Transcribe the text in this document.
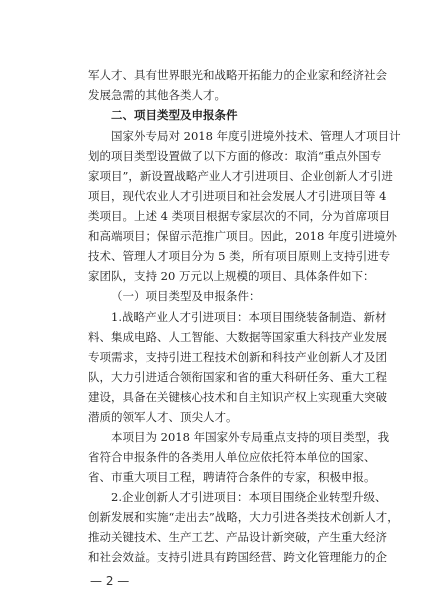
军人才、具有世界眼光和战略开拓能力的企业家和经济社会
发展急需的其他各类人才。
二、项目类型及申报条件
国家外专局对 2018 年度引进境外技术、管理人才项目计
划的项目类型设置做了以下方面的修改：取消“重点外国专
家项目”，新设置战略产业人才引进项目、企业创新人才引进
项目，现代农业人才引进项目和社会发展人才引进项目等 4
类项目。上述 4 类项目根据专家层次的不同，分为首席项目
和高端项目；保留示范推广项目。因此，2018 年度引进境外
技术、管理人才项目分为 5 类，所有项目原则上支持引进专
家团队，支持 20 万元以上规模的项目、具体条件如下：
（一）项目类型及申报条件：
1.战略产业人才引进项目：本项目围绕装备制造、新材
料、集成电路、人工智能、大数据等国家重大科技产业发展
专项需求，支持引进工程技术创新和科技产业创新人才及团
队，大力引进适合领衔国家和省的重大科研任务、重大工程
建设，具备在关键核心技术和自主知识产权上实现重大突破
潜质的领军人才、顶尖人才。
本项目为 2018 年国家外专局重点支持的项目类型，我
省符合申报条件的各类用人单位应依托符本单位的国家、
省、市重大项目工程，聘请符合条件的专家，积极申报。
2.企业创新人才引进项目：本项目围绕企业转型升级、
创新发展和实施“走出去”战略，大力引进各类技术创新人才，
推动关键技术、生产工艺、产品设计新突破，产生重大经济
和社会效益。支持引进具有跨国经营、跨文化管理能力的企
— 2 —
